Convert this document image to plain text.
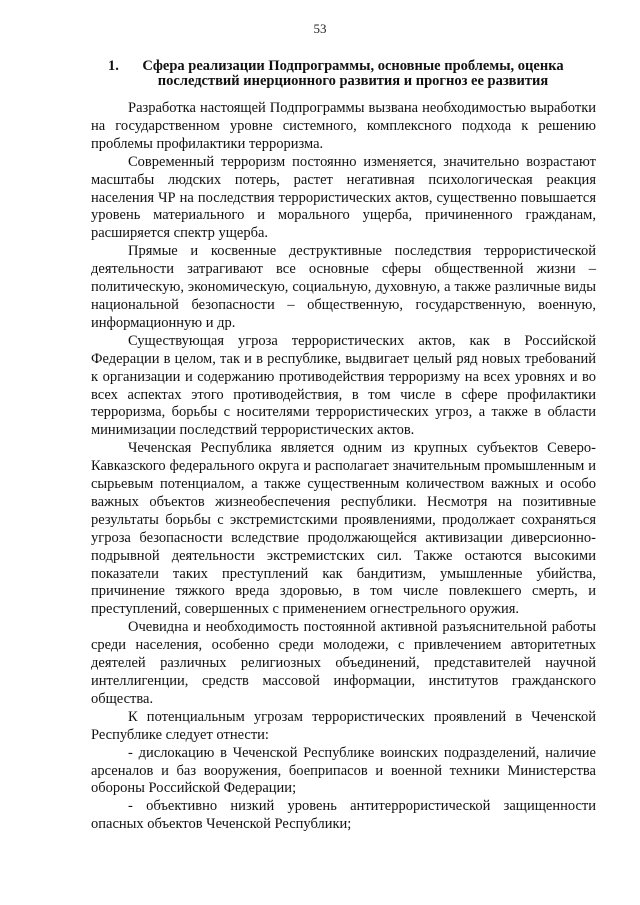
53
1.	Сфера реализации Подпрограммы, основные проблемы, оценка последствий инерционного развития и прогноз ее развития

Разработка настоящей Подпрограммы вызвана необходимостью выработки на государственном уровне системного, комплексного подхода к решению проблемы профилактики терроризма.

Современный терроризм постоянно изменяется, значительно возрастают масштабы людских потерь, растет негативная психологическая реакция населения ЧР на последствия террористических актов, существенно повышается уровень материального и морального ущерба, причиненного гражданам, расширяется спектр ущерба.

Прямые и косвенные деструктивные последствия террористической деятельности затрагивают все основные сферы общественной жизни – политическую, экономическую, социальную, духовную, а также различные виды национальной безопасности – общественную, государственную, военную, информационную и др.

Существующая угроза террористических актов, как в Российской Федерации в целом, так и в республике, выдвигает целый ряд новых требований к организации и содержанию противодействия терроризму на всех уровнях и во всех аспектах этого противодействия, в том числе в сфере профилактики терроризма, борьбы с носителями террористических угроз, а также в области минимизации последствий террористических актов.

Чеченская Республика является одним из крупных субъектов Северо-Кавказского федерального округа и располагает значительным промышленным и сырьевым потенциалом, а также существенным количеством важных и особо важных объектов жизнеобеспечения республики. Несмотря на позитивные результаты борьбы с экстремистскими проявлениями, продолжает сохраняться угроза безопасности вследствие продолжающейся активизации диверсионно-подрывной деятельности экстремистских сил. Также остаются высокими показатели таких преступлений как бандитизм, умышленные убийства, причинение тяжкого вреда здоровью, в том числе повлекшего смерть, и преступлений, совершенных с применением огнестрельного оружия.

Очевидна и необходимость постоянной активной разъяснительной работы среди населения, особенно среди молодежи, с привлечением авторитетных деятелей различных религиозных объединений, представителей научной интеллигенции, средств массовой информации, институтов гражданского общества.

К потенциальным угрозам террористических проявлений в Чеченской Республике следует отнести:

- дислокацию в Чеченской Республике воинских подразделений, наличие арсеналов и баз вооружения, боеприпасов и военной техники Министерства обороны Российской Федерации;

- объективно низкий уровень антитеррористической защищенности опасных объектов Чеченской Республики;
